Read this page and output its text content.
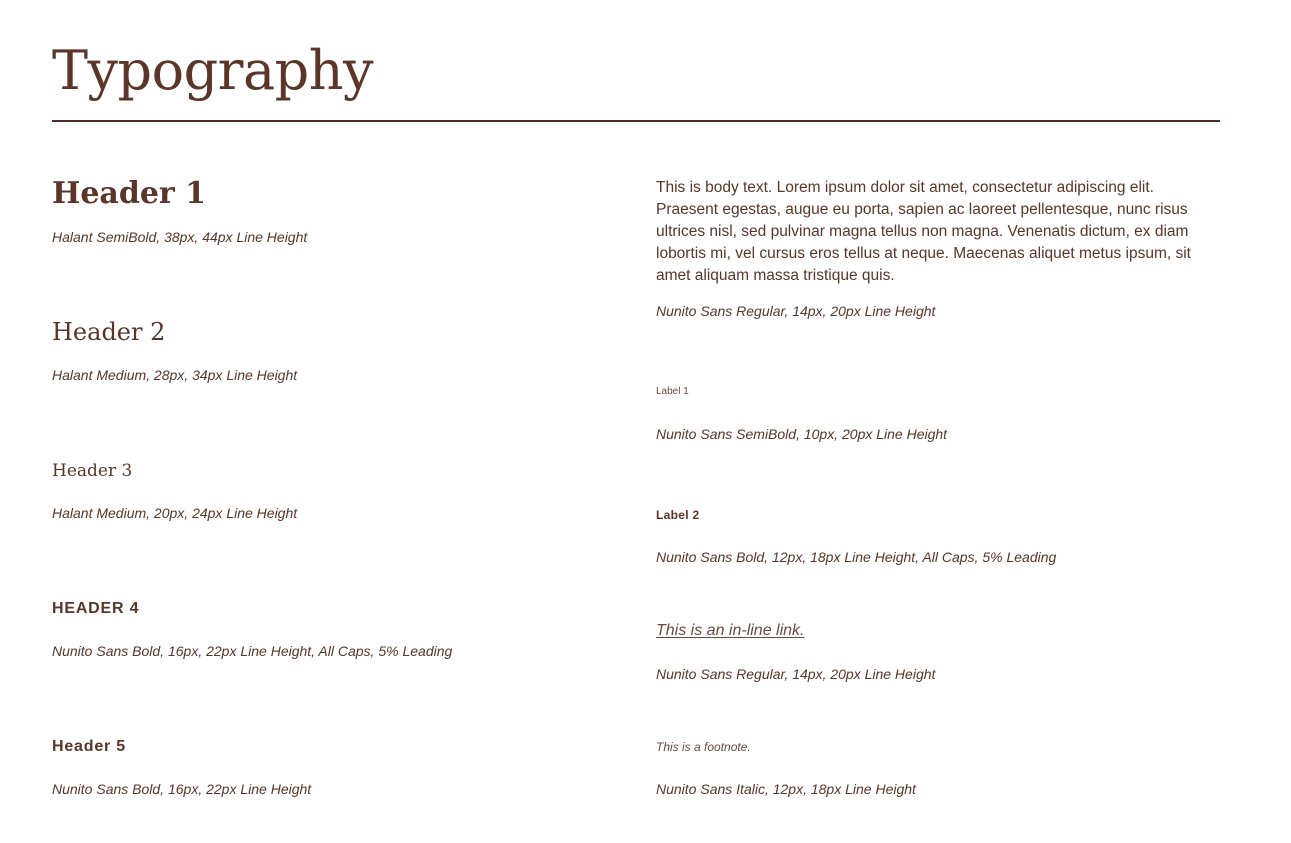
Typography
Header 1
Halant SemiBold, 38px, 44px Line Height
Header 2
Halant Medium, 28px, 34px Line Height
Header 3
Halant Medium, 20px, 24px Line Height
HEADER 4
Nunito Sans Bold, 16px, 22px Line Height, All Caps, 5% Leading
Header 5
Nunito Sans Bold, 16px, 22px Line Height

This is body text. Lorem ipsum dolor sit amet, consectetur adipiscing elit. Praesent egestas, augue eu porta, sapien ac laoreet pellentesque, nunc risus ultrices nisl, sed pulvinar magna tellus non magna. Venenatis dictum, ex diam lobortis mi, vel cursus eros tellus at neque. Maecenas aliquet metus ipsum, sit amet aliquam massa tristique quis.

Nunito Sans Regular, 14px, 20px Line Height
Label 1
Nunito Sans SemiBold, 10px, 20px Line Height
Label 2
Nunito Sans Bold, 12px, 18px Line Height, All Caps, 5% Leading
This is an in-line link.
Nunito Sans Regular, 14px, 20px Line Height
This is a footnote.
Nunito Sans Italic, 12px, 18px Line Height
